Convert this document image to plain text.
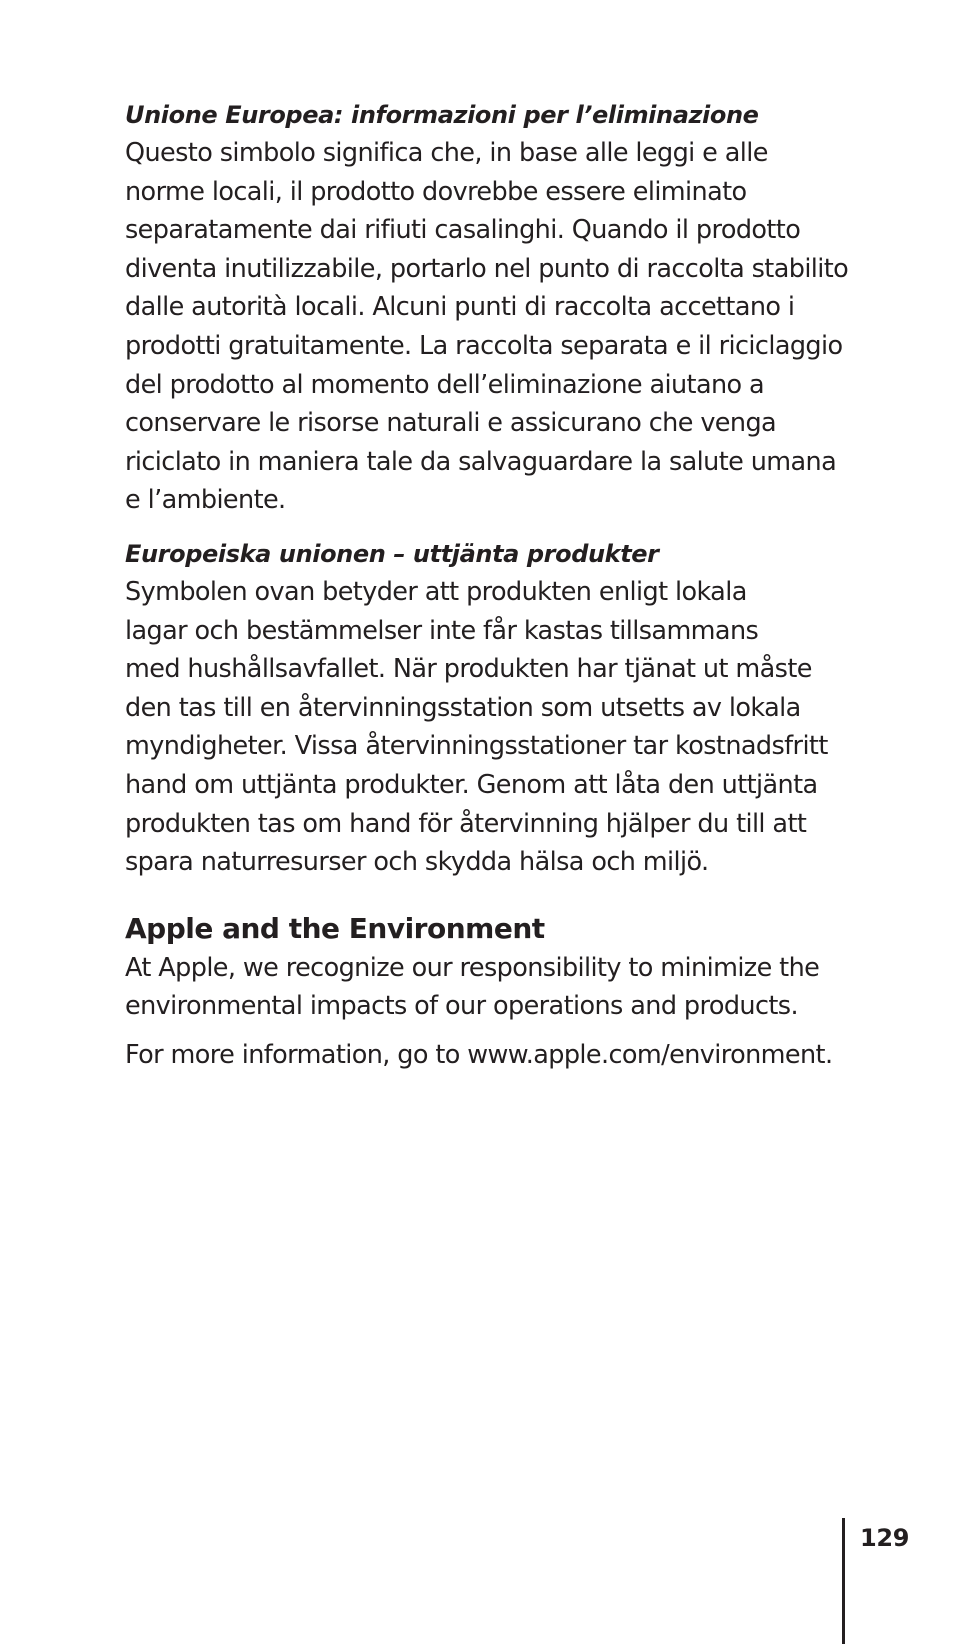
Unione Europea: informazioni per l’eliminazione

Questo simbolo significa che, in base alle leggi e alle
norme locali, il prodotto dovrebbe essere eliminato
separatamente dai rifiuti casalinghi. Quando il prodotto
diventa inutilizzabile, portarlo nel punto di raccolta stabilito
dalle autorità locali. Alcuni punti di raccolta accettano i
prodotti gratuitamente. La raccolta separata e il riciclaggio
del prodotto al momento dell’eliminazione aiutano a
conservare le risorse naturali e assicurano che venga
riciclato in maniera tale da salvaguardare la salute umana
e l’ambiente.

Europeiska unionen – uttjänta produkter

Symbolen ovan betyder att produkten enligt lokala
lagar och bestämmelser inte får kastas tillsammans
med hushållsavfallet. När produkten har tjänat ut måste
den tas till en återvinningsstation som utsetts av lokala
myndigheter. Vissa återvinningsstationer tar kostnadsfritt
hand om uttjänta produkter. Genom att låta den uttjänta
produkten tas om hand för återvinning hjälper du till att
spara naturresurser och skydda hälsa och miljö.

Apple and the Environment

At Apple, we recognize our responsibility to minimize the
environmental impacts of our operations and products.
For more information, go to www.apple.com/environment.
129
